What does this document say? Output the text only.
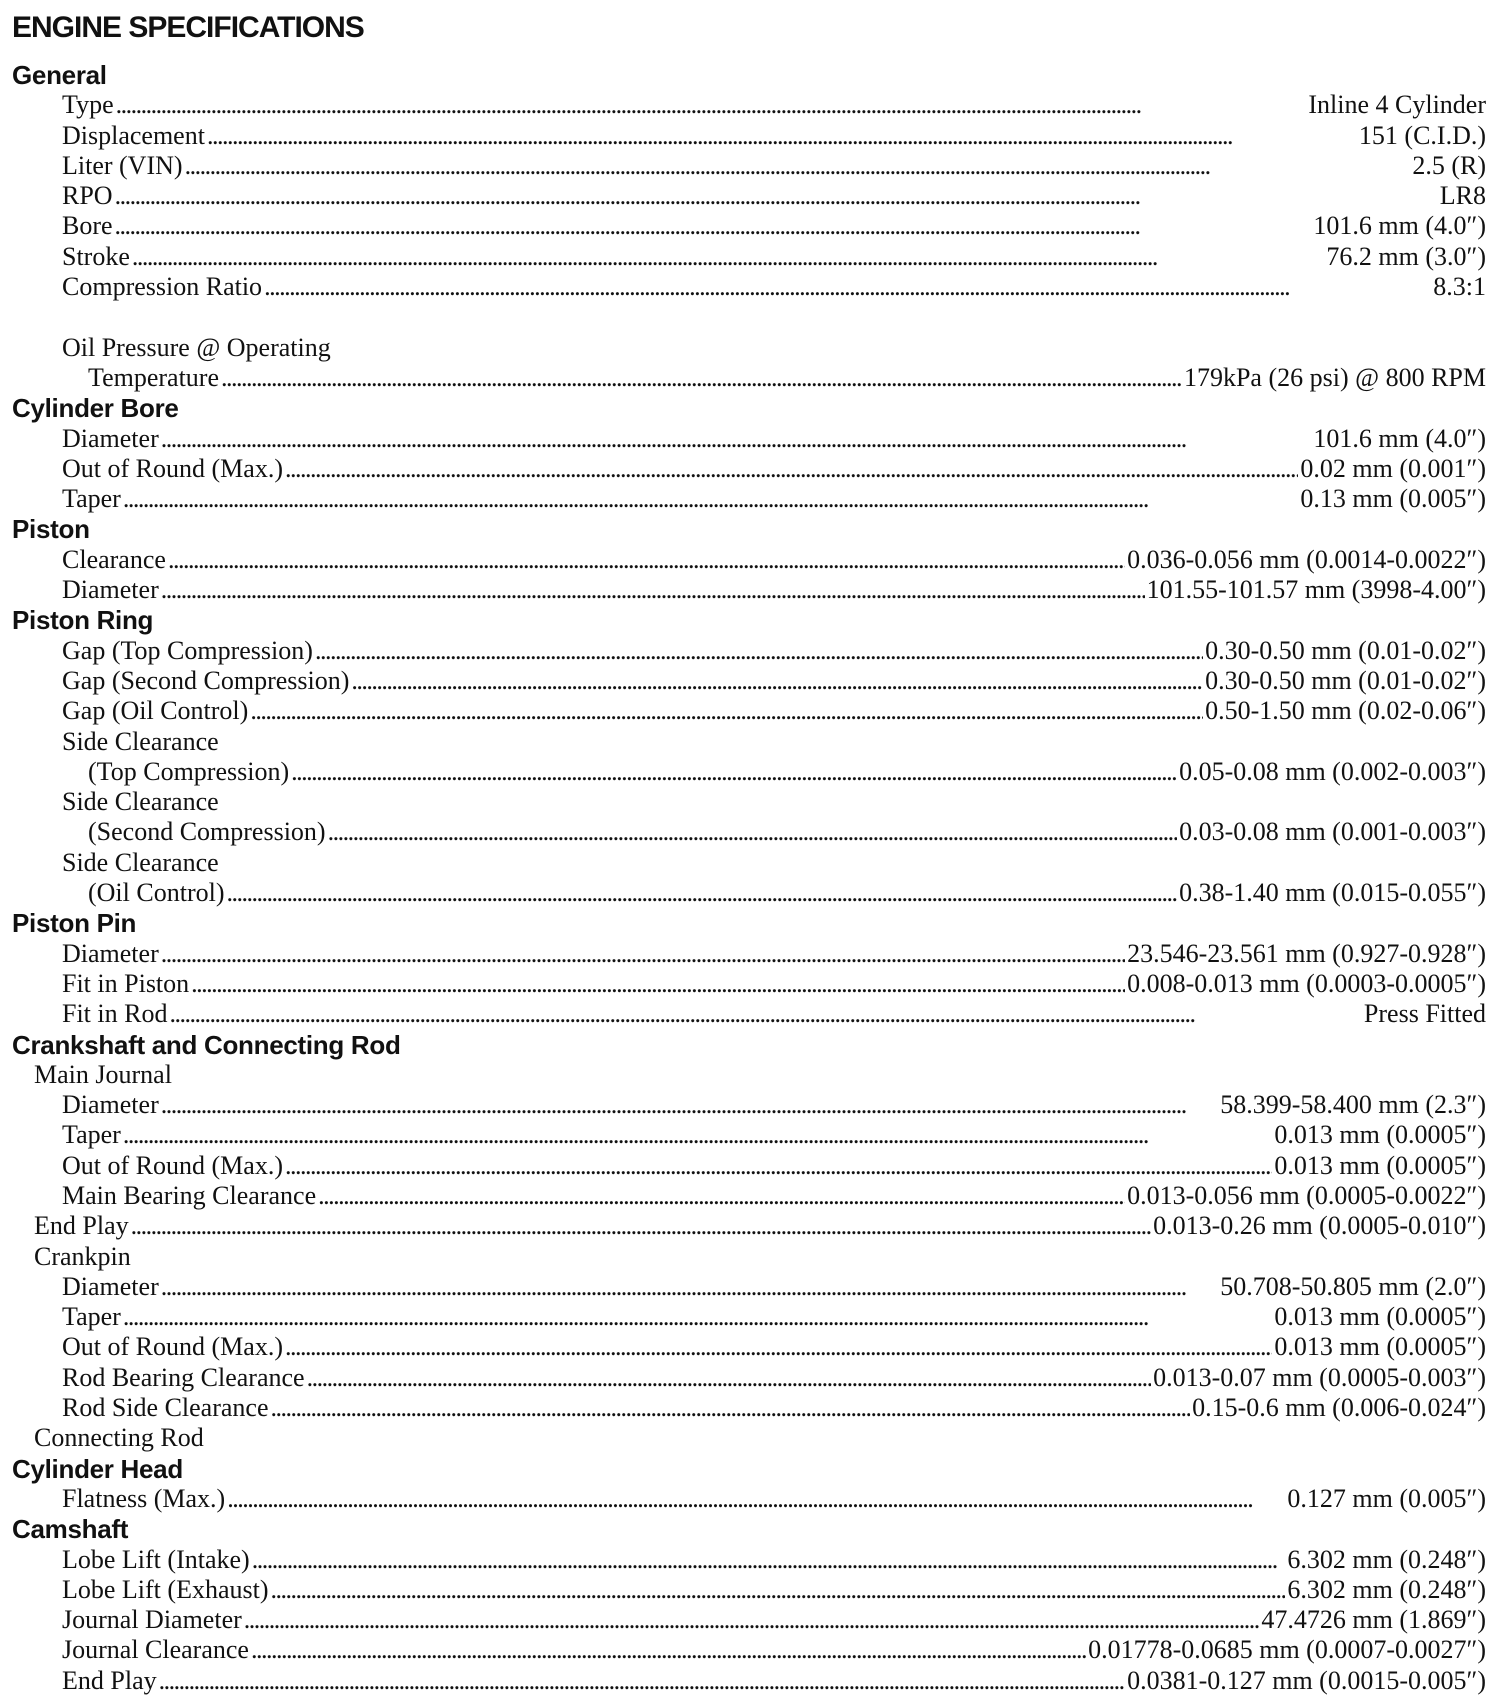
ENGINE SPECIFICATIONS
General
Type . . .	Inline 4 Cylinder
Displacement . . .	151 (C.I.D.)
Liter (VIN) . . .	2.5 (R)
RPO . . .	LR8
Bore . . .	101.6 mm (4.0″)
Stroke . . .	76.2 mm (3.0″)
Compression Ratio . . .	8.3:1
Oil Pressure @ Operating
Temperature . . .	179kPa (26 psi) @ 800 RPM
Cylinder Bore
Diameter . . .	101.6 mm (4.0″)
Out of Round (Max.) . . .	0.02 mm (0.001″)
Taper . . .	0.13 mm (0.005″)
Piston
Clearance . . .	0.036-0.056 mm (0.0014-0.0022″)
Diameter . . .	101.55-101.57 mm (3998-4.00″)
Piston Ring
Gap (Top Compression) . . .	0.30-0.50 mm (0.01-0.02″)
Gap (Second Compression) . . .	0.30-0.50 mm (0.01-0.02″)
Gap (Oil Control) . . .	0.50-1.50 mm (0.02-0.06″)
Side Clearance
(Top Compression) . . .	0.05-0.08 mm (0.002-0.003″)
Side Clearance
(Second Compression) . . .	0.03-0.08 mm (0.001-0.003″)
Side Clearance
(Oil Control) . . .	0.38-1.40 mm (0.015-0.055″)
Piston Pin
Diameter . . .	23.546-23.561 mm (0.927-0.928″)
Fit in Piston . . .	0.008-0.013 mm (0.0003-0.0005″)
Fit in Rod . . .	Press Fitted
Crankshaft and Connecting Rod
Main Journal
Diameter . . .	58.399-58.400 mm (2.3″)
Taper . . .	0.013 mm (0.0005″)
Out of Round (Max.) . . .	0.013 mm (0.0005″)
Main Bearing Clearance . . .	0.013-0.056 mm (0.0005-0.0022″)
End Play . . .	0.013-0.26 mm (0.0005-0.010″)
Crankpin
Diameter . . .	50.708-50.805 mm (2.0″)
Taper . . .	0.013 mm (0.0005″)
Out of Round (Max.) . . .	0.013 mm (0.0005″)
Rod Bearing Clearance . . .	0.013-0.07 mm (0.0005-0.003″)
Rod Side Clearance . . .	0.15-0.6 mm (0.006-0.024″)
Connecting Rod
Cylinder Head
Flatness (Max.) . . .	0.127 mm (0.005″)
Camshaft
Lobe Lift (Intake) . . .	6.302 mm (0.248″)
Lobe Lift (Exhaust) . . .	6.302 mm (0.248″)
Journal Diameter . . .	47.4726 mm (1.869″)
Journal Clearance . . .	0.01778-0.0685 mm (0.0007-0.0027″)
End Play . . .	0.0381-0.127 mm (0.0015-0.005″)
